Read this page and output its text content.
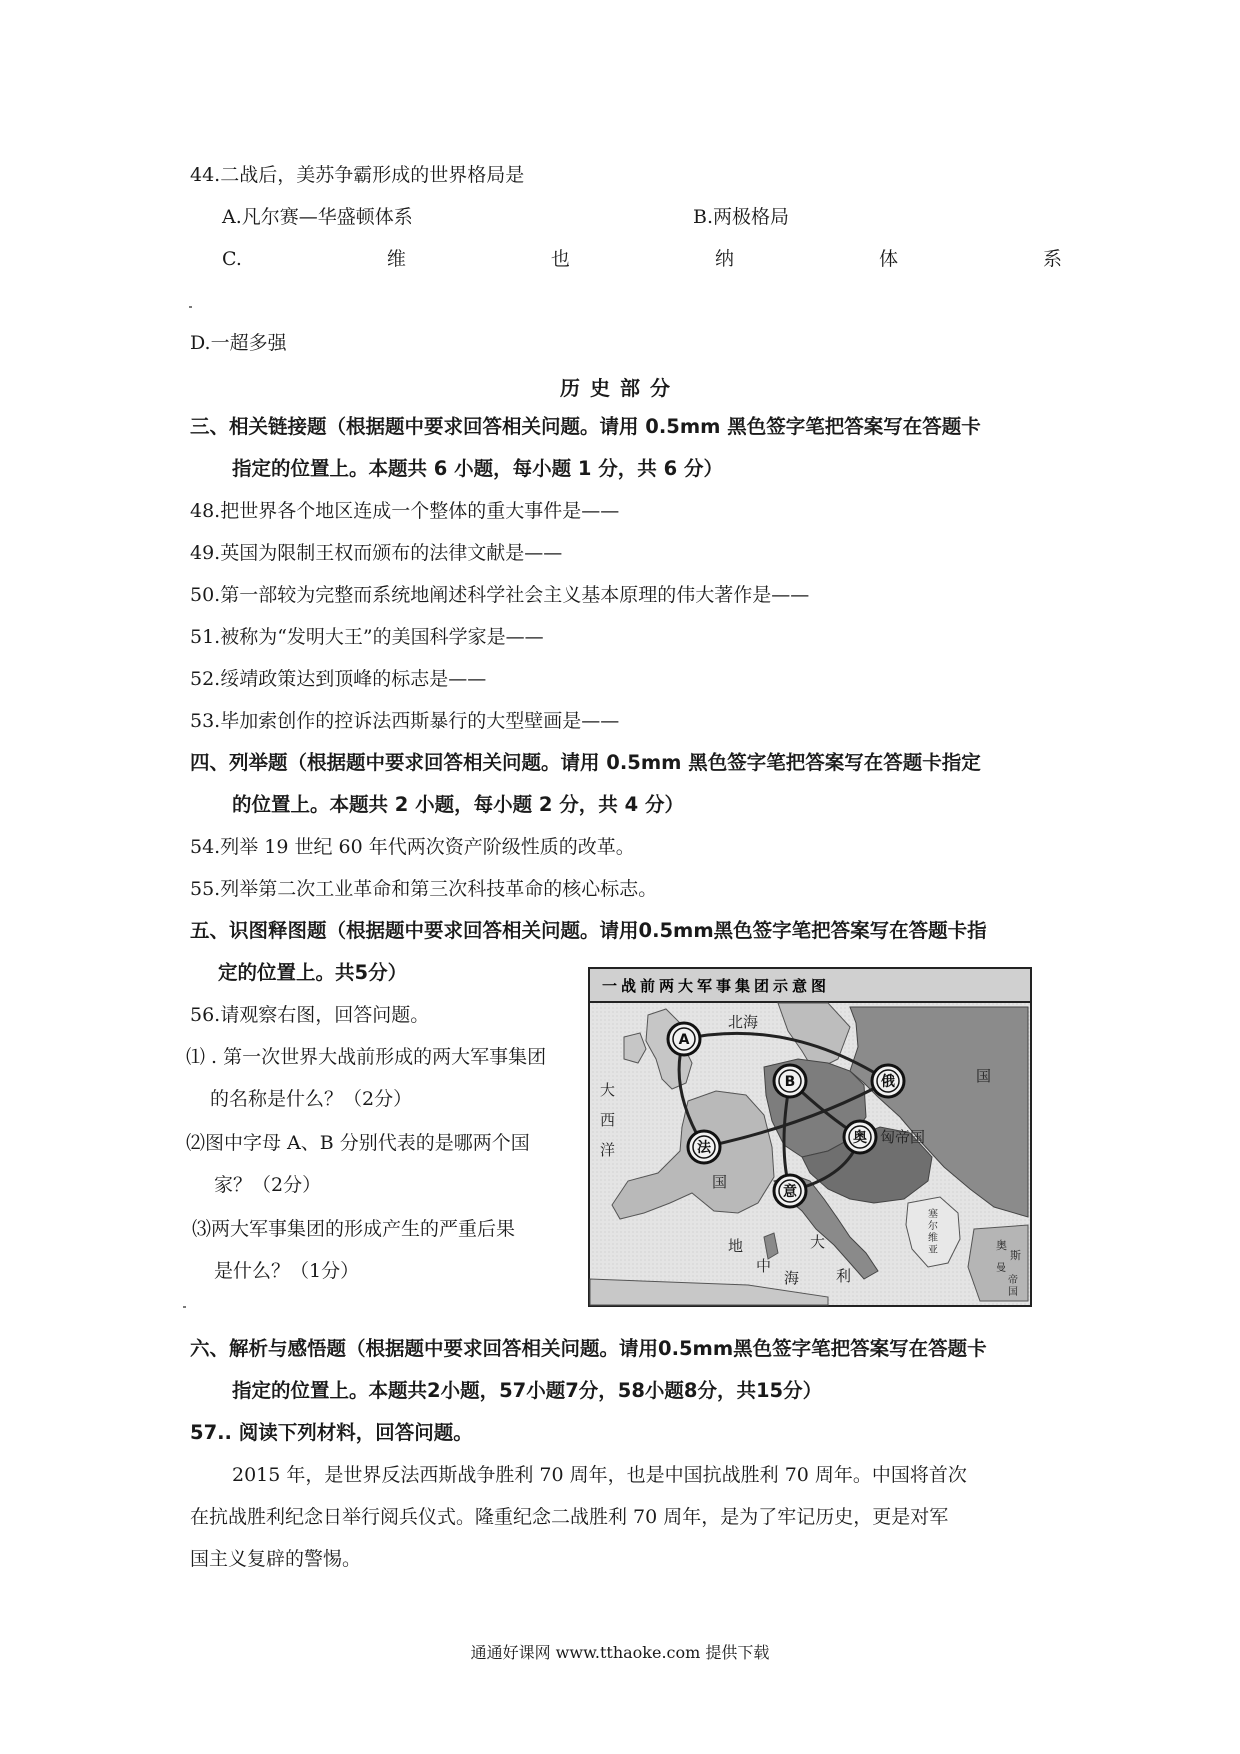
44.二战后，美苏争霸形成的世界格局是
A.凡尔赛—华盛顿体系	B.两极格局
C.	维	也	纳	体	系
D.一超多强
历史部分
三、相关链接题（根据题中要求回答相关问题。请用 0.5mm 黑色签字笔把答案写在答题卡
指定的位置上。本题共 6 小题，每小题 1 分，共 6 分）
48.把世界各个地区连成一个整体的重大事件是——
49.英国为限制王权而颁布的法律文献是——
50.第一部较为完整而系统地阐述科学社会主义基本原理的伟大著作是——
51.被称为“发明大王”的美国科学家是——
52.绥靖政策达到顶峰的标志是——
53.毕加索创作的控诉法西斯暴行的大型壁画是——
四、列举题（根据题中要求回答相关问题。请用 0.5mm 黑色签字笔把答案写在答题卡指定
的位置上。本题共 2 小题，每小题 2 分，共 4 分）
54.列举 19 世纪 60 年代两次资产阶级性质的改革。
55.列举第二次工业革命和第三次科技革命的核心标志。
五、识图释图题（根据题中要求回答相关问题。请用0.5mm黑色签字笔把答案写在答题卡指
定的位置上。共5分）
56.请观察右图，回答问题。
⑴ . 第一次世界大战前形成的两大军事集团
的名称是什么？（2分）
⑵图中字母 A、B 分别代表的是哪两个国
家？（2分）
⑶两大军事集团的形成产生的严重后果
是什么？（1分）
一战前两大军事集团示意图
A
B	俄
法
奥
意
北海
大
西
洋
国
国
匈帝国
地
中
海
大
利
塞
尔
维
亚	奥
斯
曼
帝
国
六、解析与感悟题（根据题中要求回答相关问题。请用0.5mm黑色签字笔把答案写在答题卡
指定的位置上。本题共2小题，57小题7分，58小题8分，共15分）
57.. 阅读下列材料，回答问题。
2015 年，是世界反法西斯战争胜利 70 周年，也是中国抗战胜利 70 周年。中国将首次
在抗战胜利纪念日举行阅兵仪式。隆重纪念二战胜利 70 周年，是为了牢记历史，更是对军
国主义复辟的警惕。
通通好课网 www.tthaoke.com 提供下载
